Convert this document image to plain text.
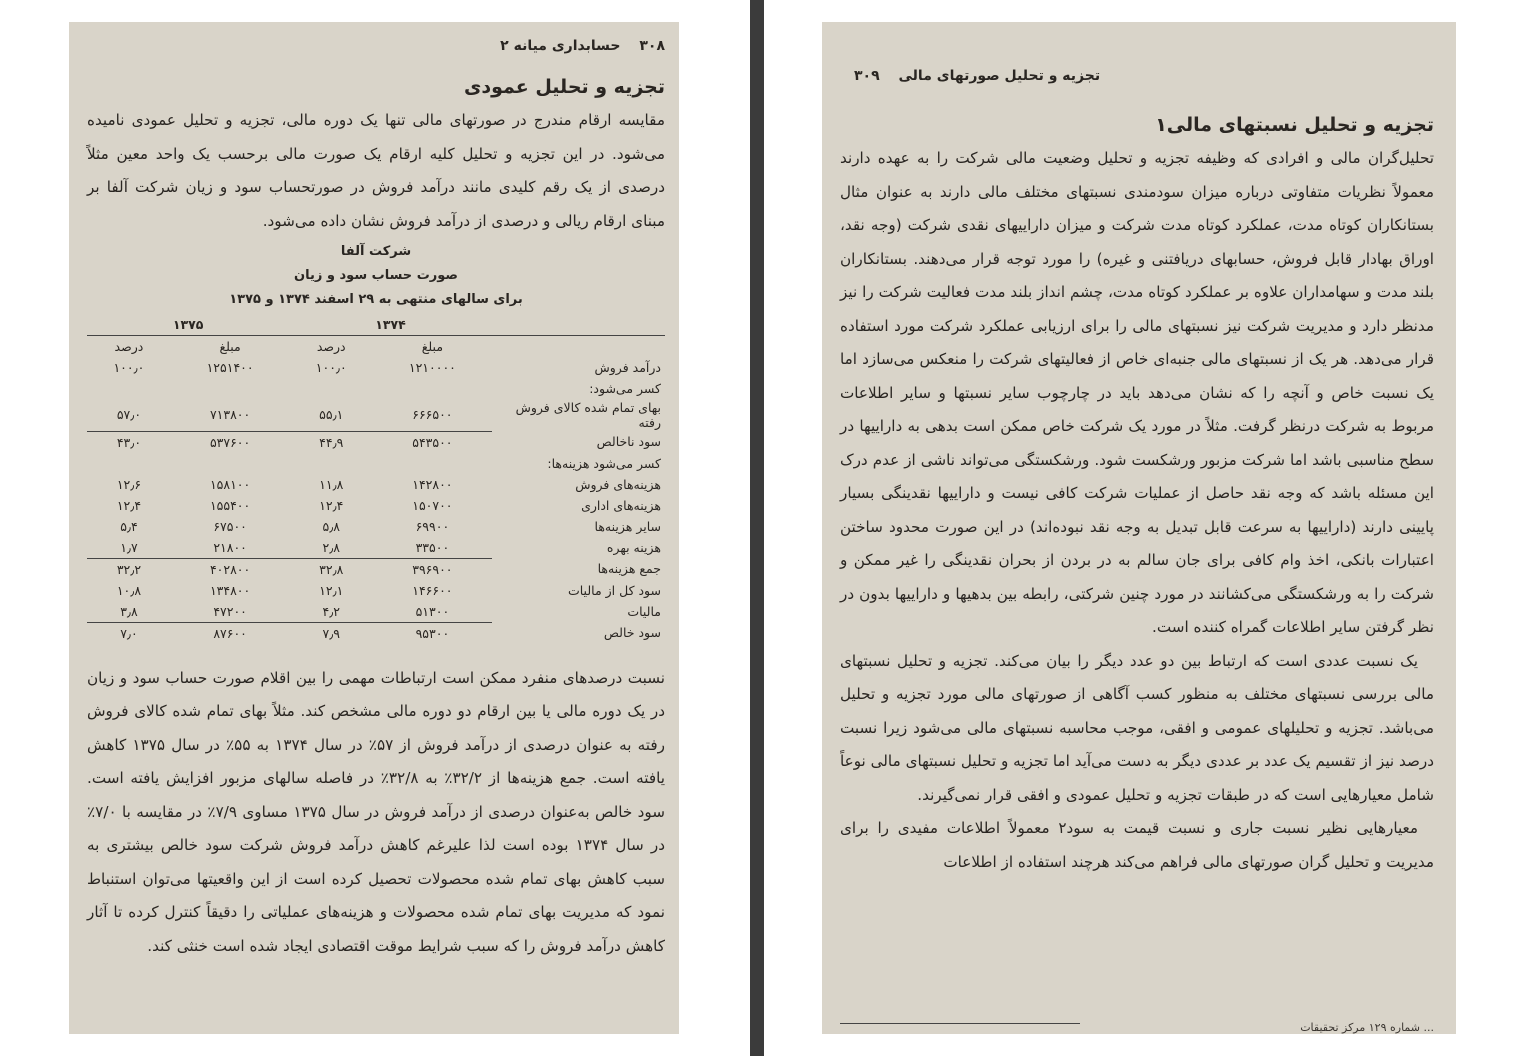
۳۰۸ حسابداری میانه ۲
تجزیه و تحلیل عمودی

مقایسه ارقام مندرج در صورتهای مالی تنها یک دوره مالی، تجزیه و تحلیل عمودی نامیده می‌شود. در این تجزیه و تحلیل کلیه ارقام یک صورت مالی برحسب یک واحد معین مثلاً درصدی از یک رقم کلیدی مانند درآمد فروش در صورتحساب سود و زیان شرکت آلفا بر مبنای ارقام ریالی و درصدی از درآمد فروش نشان داده می‌شود.

شرکت آلفا
صورت حساب سود و زیان
برای سالهای منتهی به ۲۹ اسفند ۱۳۷۴ و ۱۳۷۵
	۱۳۷۴		۱۳۷۵	
	مبلغ	درصد	مبلغ	درصد
درآمد فروش	۱۲۱۰۰۰۰	۱۰۰٫۰	۱۲۵۱۴۰۰	۱۰۰٫۰
کسر می‌شود:				
بهای تمام شده کالای فروش رفته	۶۶۶۵۰۰	۵۵٫۱	۷۱۳۸۰۰	۵۷٫۰
سود ناخالص	۵۴۳۵۰۰	۴۴٫۹	۵۳۷۶۰۰	۴۳٫۰
کسر می‌شود هزینه‌ها:				
هزینه‌های فروش	۱۴۲۸۰۰	۱۱٫۸	۱۵۸۱۰۰	۱۲٫۶
هزینه‌های اداری	۱۵۰۷۰۰	۱۲٫۴	۱۵۵۴۰۰	۱۲٫۴
سایر هزینه‌ها	۶۹۹۰۰	۵٫۸	۶۷۵۰۰	۵٫۴
هزینه بهره	۳۳۵۰۰	۲٫۸	۲۱۸۰۰	۱٫۷
جمع هزینه‌ها	۳۹۶۹۰۰	۳۲٫۸	۴۰۲۸۰۰	۳۲٫۲
سود کل از مالیات	۱۴۶۶۰۰	۱۲٫۱	۱۳۴۸۰۰	۱۰٫۸
مالیات	۵۱۳۰۰	۴٫۲	۴۷۲۰۰	۳٫۸
سود خالص	۹۵۳۰۰	۷٫۹	۸۷۶۰۰	۷٫۰

نسبت درصدهای منفرد ممکن است ارتباطات مهمی را بین اقلام صورت حساب سود و زیان در یک دوره مالی یا بین ارقام دو دوره مالی مشخص کند. مثلاً بهای تمام شده کالای فروش رفته به عنوان درصدی از درآمد فروش از ۵۷٪ در سال ۱۳۷۴ به ۵۵٪ در سال ۱۳۷۵ کاهش یافته است. جمع هزینه‌ها از ۳۲/۲٪ به ۳۲/۸٪ در فاصله سالهای مزبور افزایش یافته است. سود خالص به‌عنوان درصدی از درآمد فروش در سال ۱۳۷۵ مساوی ۷/۹٪ در مقایسه با ۷/۰٪ در سال ۱۳۷۴ بوده است لذا علیرغم کاهش درآمد فروش شرکت سود خالص بیشتری به سبب کاهش بهای تمام شده محصولات تحصیل کرده است از این واقعیتها می‌توان استنباط نمود که مدیریت بهای تمام شده محصولات و هزینه‌های عملیاتی را دقیقاً کنترل کرده تا آثار کاهش درآمد فروش را که سبب شرایط موقت اقتصادی ایجاد شده است خنثی کند.

تجزیه و تحلیل صورتهای مالی ۳۰۹
تجزیه و تحلیل نسبتهای مالی۱

تحلیل‌گران مالی و افرادی که وظیفه تجزیه و تحلیل وضعیت مالی شرکت را به عهده دارند معمولاً نظریات متفاوتی درباره میزان سودمندی نسبتهای مختلف مالی دارند به عنوان مثال بستانکاران کوتاه مدت، عملکرد کوتاه مدت شرکت و میزان داراییهای نقدی شرکت (وجه نقد، اوراق بهادار قابل فروش، حسابهای دریافتنی و غیره) را مورد توجه قرار می‌دهند. بستانکاران بلند مدت و سهامداران علاوه بر عملکرد کوتاه مدت، چشم انداز بلند مدت فعالیت شرکت را نیز مدنظر دارد و مدیریت شرکت نیز نسبتهای مالی را برای ارزیابی عملکرد شرکت مورد استفاده قرار می‌دهد. هر یک از نسبتهای مالی جنبه‌ای خاص از فعالیتهای شرکت را منعکس می‌سازد اما یک نسبت خاص و آنچه را که نشان می‌دهد باید در چارچوب سایر نسبتها و سایر اطلاعات مربوط به شرکت درنظر گرفت. مثلاً در مورد یک شرکت خاص ممکن است بدهی به داراییها در سطح مناسبی باشد اما شرکت مزبور ورشکست شود. ورشکستگی می‌تواند ناشی از عدم درک این مسئله باشد که وجه نقد حاصل از عملیات شرکت کافی نیست و داراییها نقدینگی بسیار پایینی دارند (داراییها به سرعت قابل تبدیل به وجه نقد نبوده‌اند) در این صورت محدود ساختن اعتبارات بانکی، اخذ وام کافی برای جان سالم به در بردن از بحران نقدینگی را غیر ممکن و شرکت را به ورشکستگی می‌کشانند در مورد چنین شرکتی، رابطه بین بدهیها و داراییها بدون در نظر گرفتن سایر اطلاعات گمراه کننده است.

یک نسبت عددی است که ارتباط بین دو عدد دیگر را بیان می‌کند. تجزیه و تحلیل نسبتهای مالی بررسی نسبتهای مختلف به منظور کسب آگاهی از صورتهای مالی مورد تجزیه و تحلیل می‌باشد. تجزیه و تحلیلهای عمومی و افقی، موجب محاسبه نسبتهای مالی می‌شود زیرا نسبت درصد نیز از تقسیم یک عدد بر عددی دیگر به دست می‌آید اما تجزیه و تحلیل نسبتهای مالی نوعاً شامل معیارهایی است که در طبقات تجزیه و تحلیل عمودی و افقی قرار نمی‌گیرند.

معیارهایی نظیر نسبت جاری و نسبت قیمت به سود۲ معمولاً اطلاعات مفیدی را برای مدیریت و تحلیل گران صورتهای مالی فراهم می‌کند هرچند استفاده از اطلاعات

... شماره ۱۲۹ مرکز تحقیقات
